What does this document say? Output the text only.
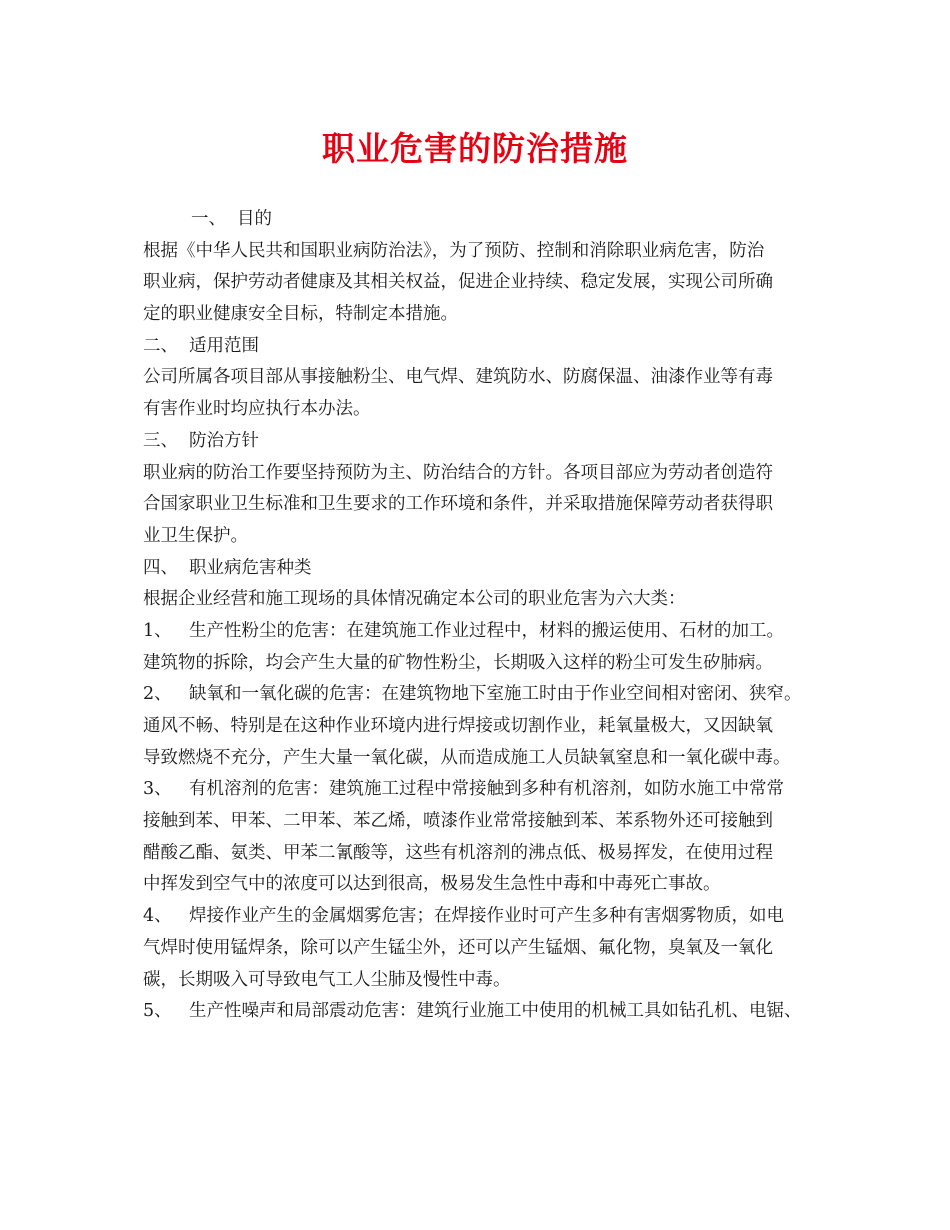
职业危害的防治措施

一、 目的

根据《中华人民共和国职业病防治法》，为了预防、控制和消除职业病危害，防治

职业病，保护劳动者健康及其相关权益，促进企业持续、稳定发展，实现公司所确

定的职业健康安全目标，特制定本措施。

二、 适用范围

公司所属各项目部从事接触粉尘、电气焊、建筑防水、防腐保温、油漆作业等有毒

有害作业时均应执行本办法。

三、 防治方针

职业病的防治工作要坚持预防为主、防治结合的方针。各项目部应为劳动者创造符

合国家职业卫生标准和卫生要求的工作环境和条件，并采取措施保障劳动者获得职

业卫生保护。

四、 职业病危害种类

根据企业经营和施工现场的具体情况确定本公司的职业危害为六大类：

1、 生产性粉尘的危害：在建筑施工作业过程中，材料的搬运使用、石材的加工。

建筑物的拆除，均会产生大量的矿物性粉尘，长期吸入这样的粉尘可发生矽肺病。

2、 缺氧和一氧化碳的危害：在建筑物地下室施工时由于作业空间相对密闭、狭窄。

通风不畅、特别是在这种作业环境内进行焊接或切割作业，耗氧量极大，又因缺氧

导致燃烧不充分，产生大量一氧化碳，从而造成施工人员缺氧窒息和一氧化碳中毒。

3、 有机溶剂的危害：建筑施工过程中常接触到多种有机溶剂，如防水施工中常常

接触到苯、甲苯、二甲苯、苯乙烯，喷漆作业常常接触到苯、苯系物外还可接触到

醋酸乙酯、氨类、甲苯二氰酸等，这些有机溶剂的沸点低、极易挥发，在使用过程

中挥发到空气中的浓度可以达到很高，极易发生急性中毒和中毒死亡事故。

4、 焊接作业产生的金属烟雾危害；在焊接作业时可产生多种有害烟雾物质，如电

气焊时使用锰焊条，除可以产生锰尘外，还可以产生锰烟、氟化物，臭氧及一氧化

碳，长期吸入可导致电气工人尘肺及慢性中毒。

5、 生产性噪声和局部震动危害：建筑行业施工中使用的机械工具如钻孔机、电锯、
